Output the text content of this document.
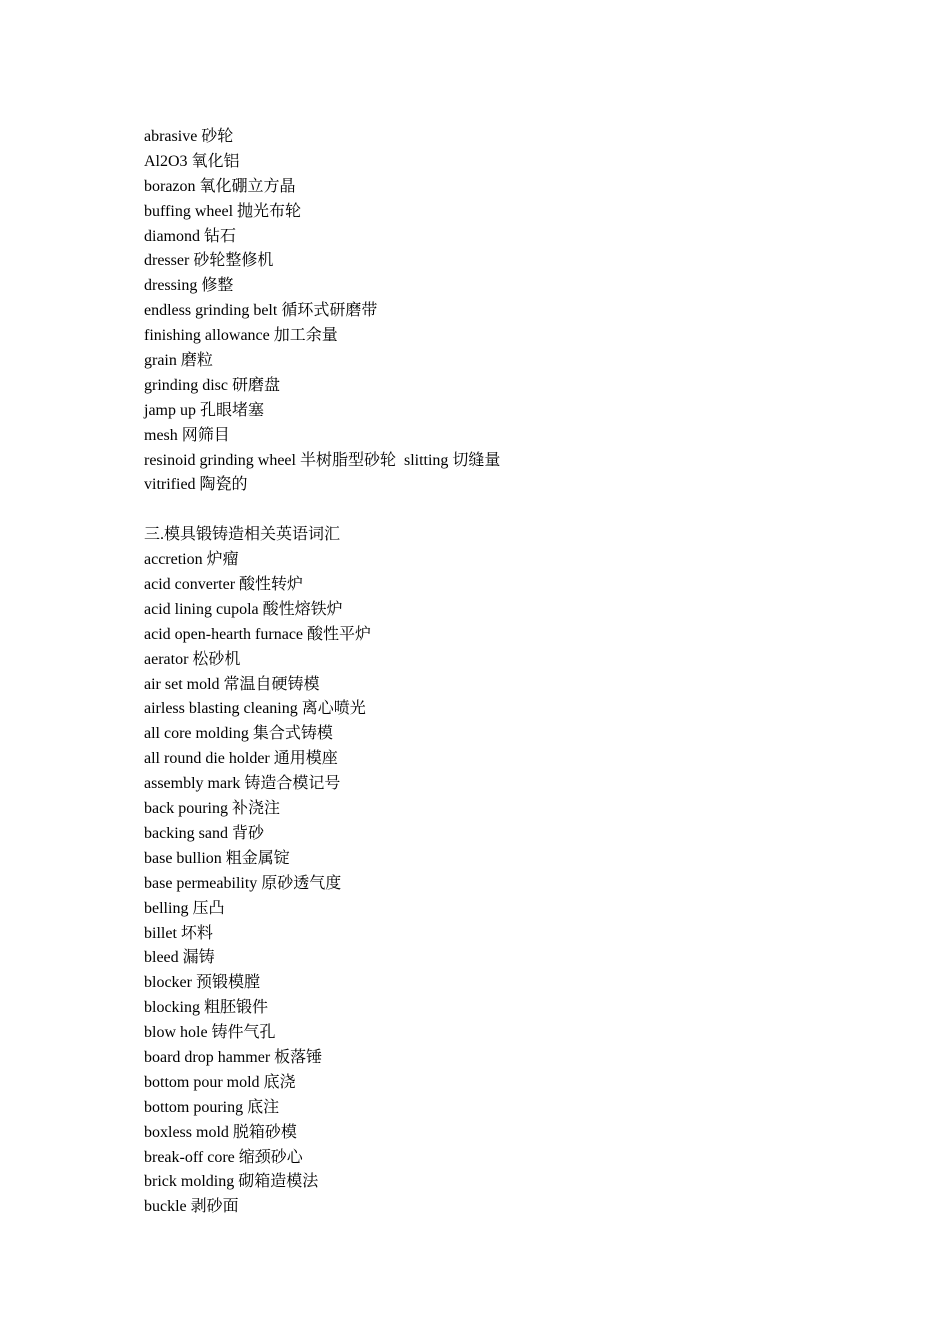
abrasive 砂轮
Al2O3 氧化铝
borazon 氧化硼立方晶
buffing wheel 抛光布轮
diamond 钻石
dresser 砂轮整修机
dressing 修整
endless grinding belt 循环式研磨带
finishing allowance 加工余量
grain 磨粒
grinding disc 研磨盘
jamp up 孔眼堵塞
mesh 网筛目
resinoid grinding wheel 半树脂型砂轮  slitting 切缝量
vitrified 陶瓷的
三.模具锻铸造相关英语词汇
accretion 炉瘤
acid converter 酸性转炉
acid lining cupola 酸性熔铁炉
acid open-hearth furnace 酸性平炉
aerator 松砂机
air set mold 常温自硬铸模
airless blasting cleaning 离心喷光
all core molding 集合式铸模
all round die holder 通用模座
assembly mark 铸造合模记号
back pouring 补浇注
backing sand 背砂
base bullion 粗金属锭
base permeability 原砂透气度
belling 压凸
billet 坏料
bleed 漏铸
blocker 预锻模膛
blocking 粗胚锻件
blow hole 铸件气孔
board drop hammer 板落锤
bottom pour mold 底浇
bottom pouring 底注
boxless mold 脱箱砂模
break-off core 缩颈砂心
brick molding 砌箱造模法
buckle 剥砂面
